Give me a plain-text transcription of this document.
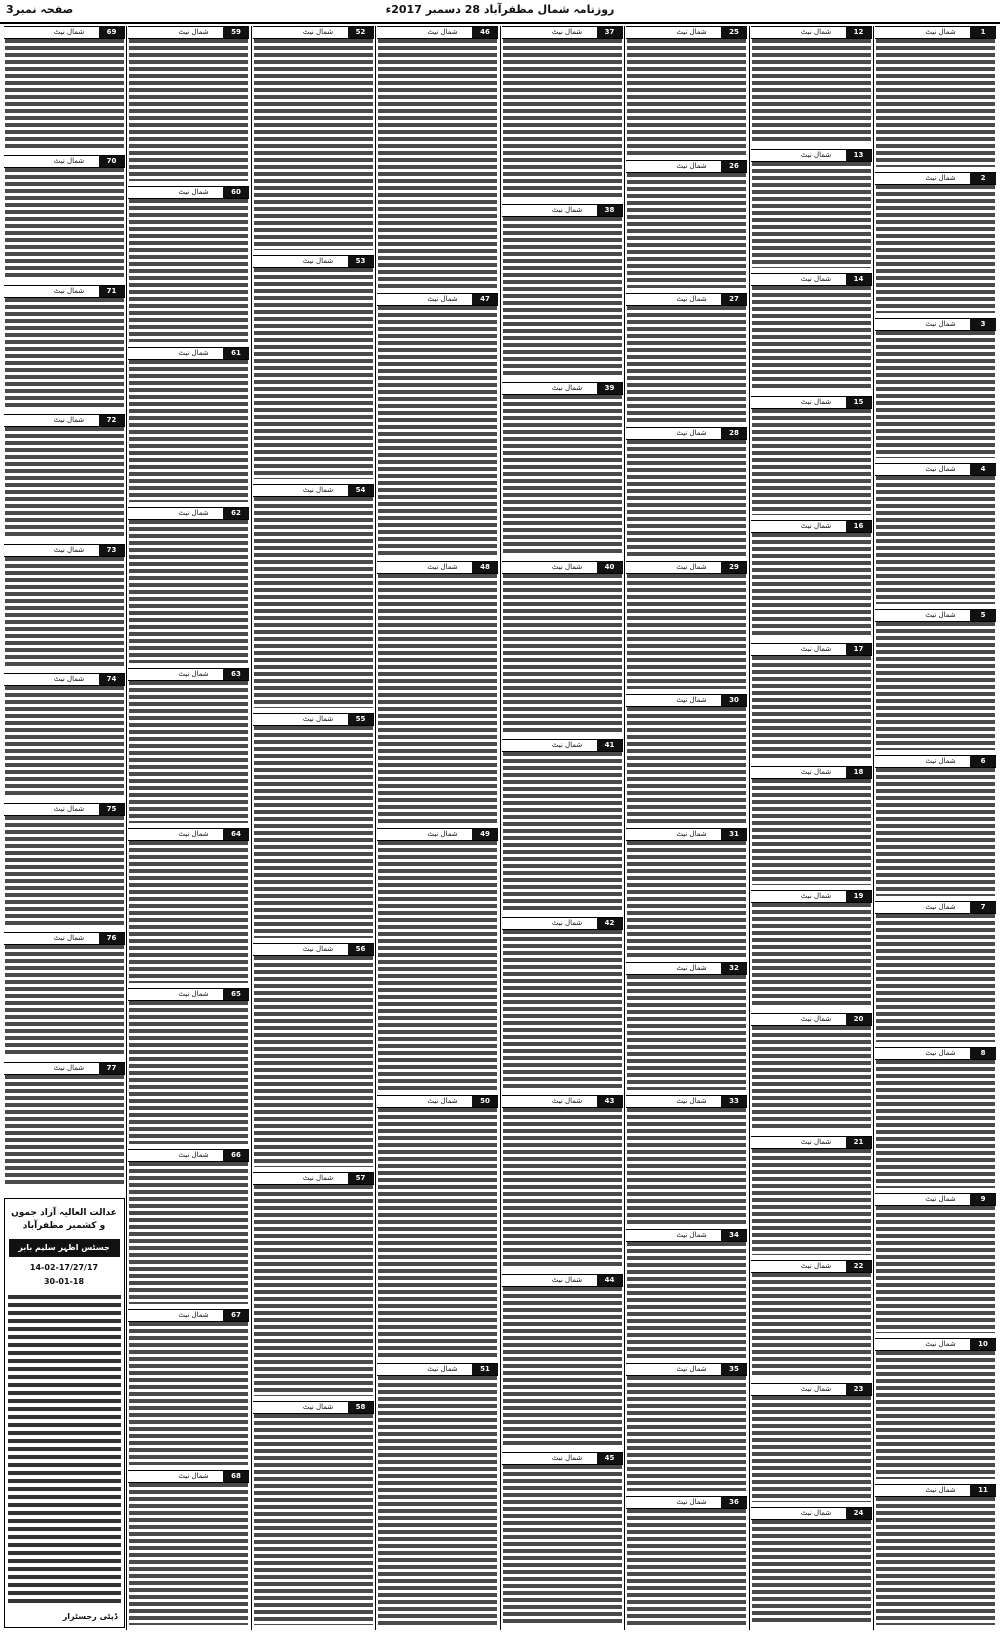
صفحہ نمبر3	روزنامہ شمال مظفرآباد 28 دسمبر 2017ء
شمال نیٹ	1
شمال نیٹ	2
شمال نیٹ	3
شمال نیٹ	4
شمال نیٹ	5
شمال نیٹ	6
شمال نیٹ	7
شمال نیٹ	8
شمال نیٹ	9
شمال نیٹ	10
شمال نیٹ	11
شمال نیٹ	12
شمال نیٹ	13
شمال نیٹ	14
شمال نیٹ	15
شمال نیٹ	16
شمال نیٹ	17
شمال نیٹ	18
شمال نیٹ	19
شمال نیٹ	20
شمال نیٹ	21
شمال نیٹ	22
شمال نیٹ	23
شمال نیٹ	24
شمال نیٹ	25
شمال نیٹ	26
شمال نیٹ	27
شمال نیٹ	28
شمال نیٹ	29
شمال نیٹ	30
شمال نیٹ	31
شمال نیٹ	32
شمال نیٹ	33
شمال نیٹ	34
شمال نیٹ	35
شمال نیٹ	36
شمال نیٹ	37
شمال نیٹ	38
شمال نیٹ	39
شمال نیٹ	40
شمال نیٹ	41
شمال نیٹ	42
شمال نیٹ	43
شمال نیٹ	44
شمال نیٹ	45
شمال نیٹ	46
شمال نیٹ	47
شمال نیٹ	48
شمال نیٹ	49
شمال نیٹ	50
شمال نیٹ	51
شمال نیٹ	52
شمال نیٹ	53
شمال نیٹ	54
شمال نیٹ	55
شمال نیٹ	56
شمال نیٹ	57
شمال نیٹ	58
شمال نیٹ	59
شمال نیٹ	60
شمال نیٹ	61
شمال نیٹ	62
شمال نیٹ	63
شمال نیٹ	64
شمال نیٹ	65
شمال نیٹ	66
شمال نیٹ	67
شمال نیٹ	68
شمال نیٹ	69
شمال نیٹ	70
شمال نیٹ	71
شمال نیٹ	72
شمال نیٹ	73
شمال نیٹ	74
شمال نیٹ	75
شمال نیٹ	76
شمال نیٹ	77
عدالت العالیہ آزاد جموں و کشمیر مظفرآباد
جسٹس اظہر سلیم بابر
14-02-17/27/17
30-01-18
ڈپٹی رجسٹرار
